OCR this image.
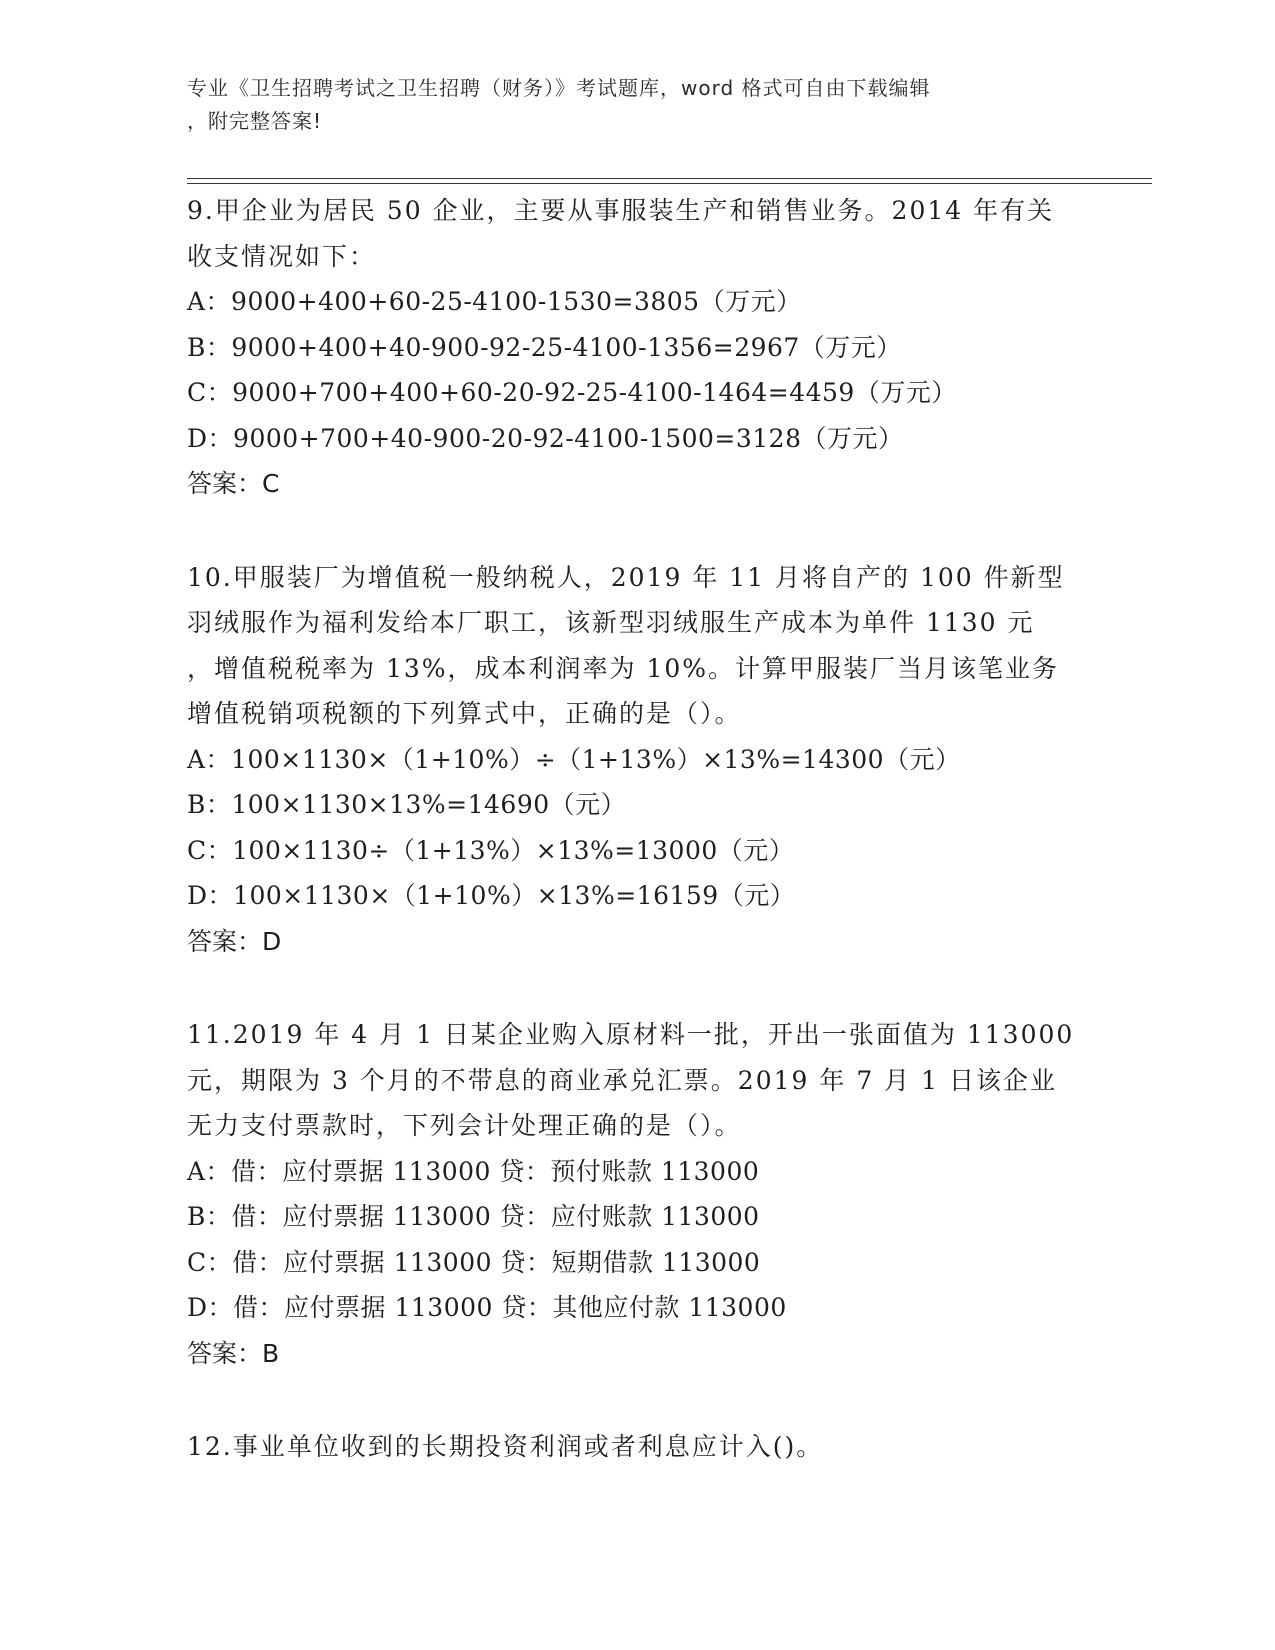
专业《卫生招聘考试之卫生招聘（财务）》考试题库，word 格式可自由下载编辑
，附完整答案!

9.甲企业为居民 50 企业，主要从事服装生产和销售业务。2014 年有关

收支情况如下：

A：9000+400+60-25-4100-1530=3805（万元）

B：9000+400+40-900-92-25-4100-1356=2967（万元）

C：9000+700+400+60-20-92-25-4100-1464=4459（万元）

D：9000+700+40-900-20-92-4100-1500=3128（万元）

答案：C

10.甲服装厂为增值税一般纳税人，2019 年 11 月将自产的 100 件新型

羽绒服作为福利发给本厂职工，该新型羽绒服生产成本为单件 1130 元

，增值税税率为 13%，成本利润率为 10%。计算甲服装厂当月该笔业务

增值税销项税额的下列算式中，正确的是（）。

A：100×1130×（1+10%）÷（1+13%）×13%=14300（元）

B：100×1130×13%=14690（元）

C：100×1130÷（1+13%）×13%=13000（元）

D：100×1130×（1+10%）×13%=16159（元）

答案：D

11.2019 年 4 月 1 日某企业购入原材料一批，开出一张面值为 113000

元，期限为 3 个月的不带息的商业承兑汇票。2019 年 7 月 1 日该企业

无力支付票款时，下列会计处理正确的是（）。

A：借：应付票据 113000 贷：预付账款 113000

B：借：应付票据 113000 贷：应付账款 113000

C：借：应付票据 113000 贷：短期借款 113000

D：借：应付票据 113000 贷：其他应付款 113000

答案：B

12.事业单位收到的长期投资利润或者利息应计入()。
